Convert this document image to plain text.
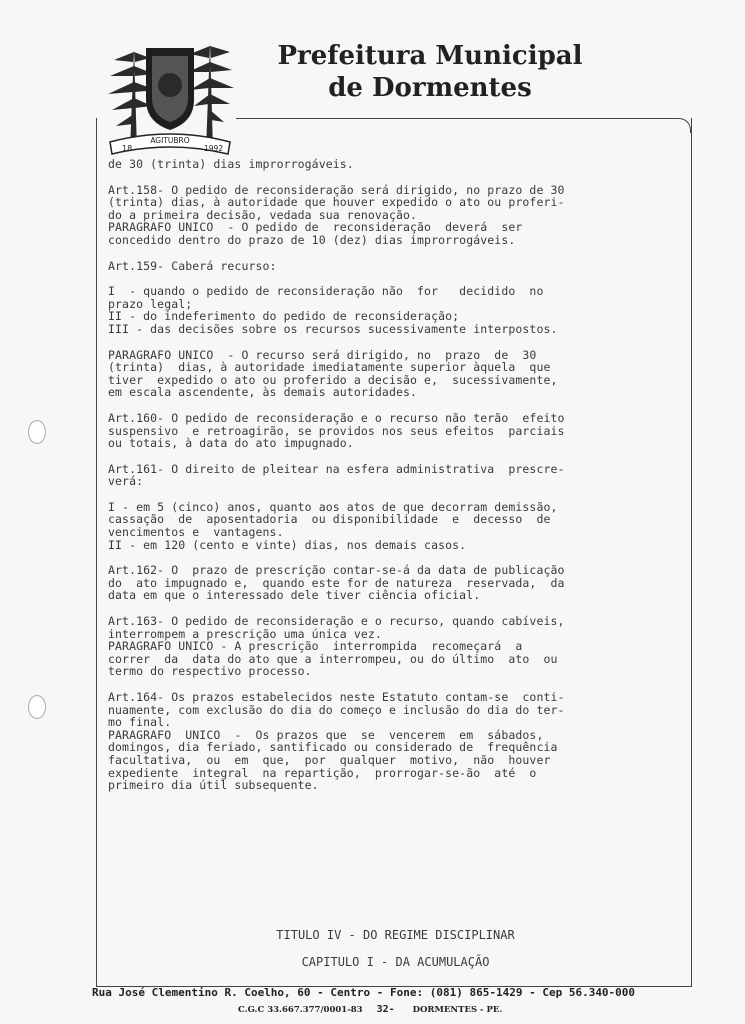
18
AGITUBRO
1992
Prefeitura Municipal
de Dormentes
de 30 (trinta) dias improrrogáveis.
Art.158- O pedido de reconsideração será dirigido, no prazo de 30
(trinta) dias, à autoridade que houver expedido o ato ou proferi-
do a primeira decisão, vedada sua renovação.
PARAGRAFO UNICO  - O pedido de  reconsideração  deverá  ser
concedido dentro do prazo de 10 (dez) dias improrrogáveis.
Art.159- Caberá recurso:
I  - quando o pedido de reconsideração não  for   decidido  no
prazo legal;
II - do indeferimento do pedido de reconsideração;
III - das decisões sobre os recursos sucessivamente interpostos.
PARAGRAFO UNICO  - O recurso será dirigido, no  prazo  de  30
(trinta)  dias, à autoridade imediatamente superior àquela  que
tiver  expedido o ato ou proferido a decisão e,  sucessivamente,
em escala ascendente, às demais autoridades.
Art.160- O pedido de reconsideração e o recurso não terão  efeito
suspensivo  e retroagirão, se providos nos seus efeitos  parciais
ou totais, à data do ato impugnado.
Art.161- O direito de pleitear na esfera administrativa  prescre-
verá:
I - em 5 (cinco) anos, quanto aos atos de que decorram demissão,
cassação  de  aposentadoria  ou disponibilidade  e  decesso  de
vencimentos e  vantagens.
II - em 120 (cento e vinte) dias, nos demais casos.
Art.162- O  prazo de prescrição contar-se-á da data de publicação
do  ato impugnado e,  quando este for de natureza  reservada,  da
data em que o interessado dele tiver ciência oficial.
Art.163- O pedido de reconsideração e o recurso, quando cabíveis,
interrompem a prescrição uma única vez.
PARAGRAFO UNICO - A prescrição  interrompida  recomeçará  a
correr  da  data do ato que a interrompeu, ou do último  ato  ou
termo do respectivo processo.
Art.164- Os prazos estabelecidos neste Estatuto contam-se  conti-
nuamente, com exclusão do dia do começo e inclusão do dia do ter-
mo final.
PARAGRAFO  UNICO  -  Os prazos que  se  vencerem  em  sábados,
domingos, dia feriado, santificado ou considerado de  frequência
facultativa,  ou  em  que,  por  qualquer  motivo,  não  houver
expediente  integral  na repartição,  prorrogar-se-ão  até  o
primeiro dia útil subsequente.
TITULO IV - DO REGIME DISCIPLINAR
CAPITULO I - DA ACUMULAÇÃO
Rua José Clementino R. Coelho, 60 - Centro - Fone: (081) 865-1429 - Cep 56.340-000
C.G.C 33.667.377/0001-83 32- DORMENTES - PE.
